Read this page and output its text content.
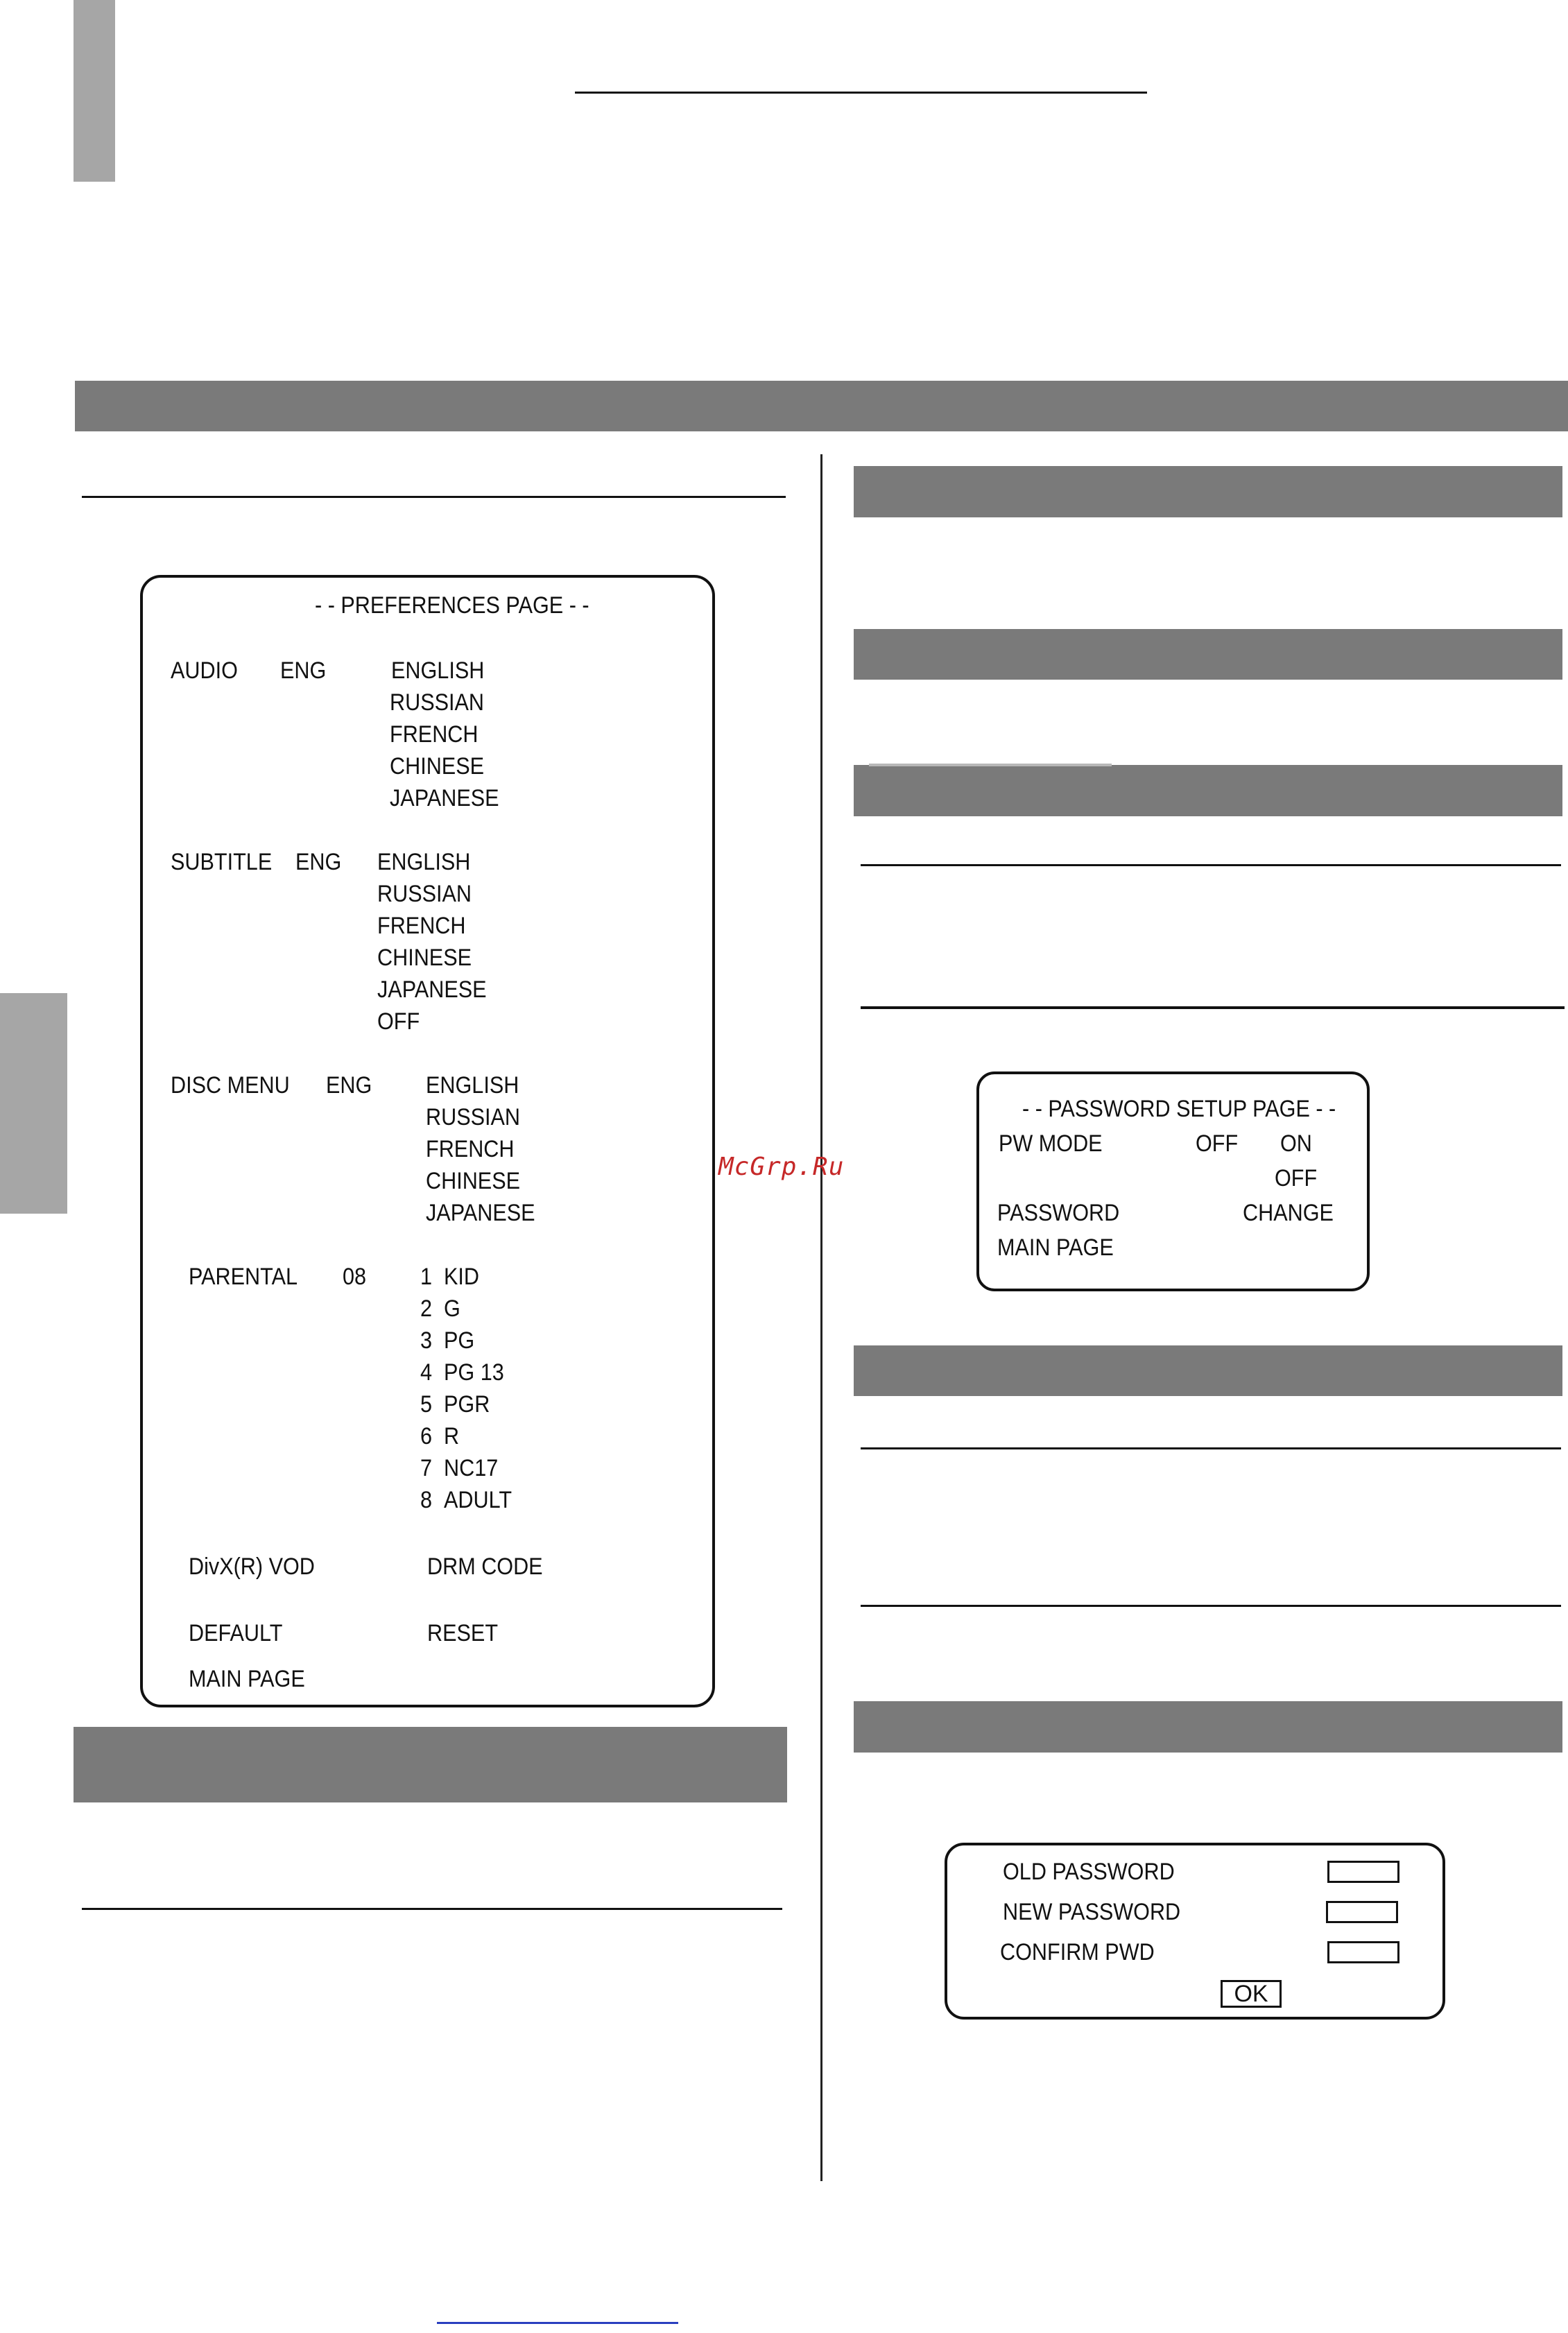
- - PREFERENCES PAGE - -
AUDIO ENG	ENGLISH
RUSSIAN
FRENCH
CHINESE
JAPANESE
SUBTITLE ENG ENGLISH
RUSSIAN
FRENCH
CHINESE
JAPANESE
OFF
DISC MENU ENG ENGLISH
RUSSIAN
FRENCH
CHINESE
JAPANESE
PARENTAL 08 1 KID
2 G
3 PG
4 PG 13
5 PGR
6 R
7 NC17
8 ADULT
DivX(R) VOD	DRM CODE
DEFAULT	RESET
MAIN PAGE
McGrp.Ru
- - PASSWORD SETUP PAGE - -
PW MODE	OFF ON
OFF
PASSWORD	CHANGE
MAIN PAGE
OLD PASSWORD
NEW PASSWORD
CONFIRM PWD
OK
